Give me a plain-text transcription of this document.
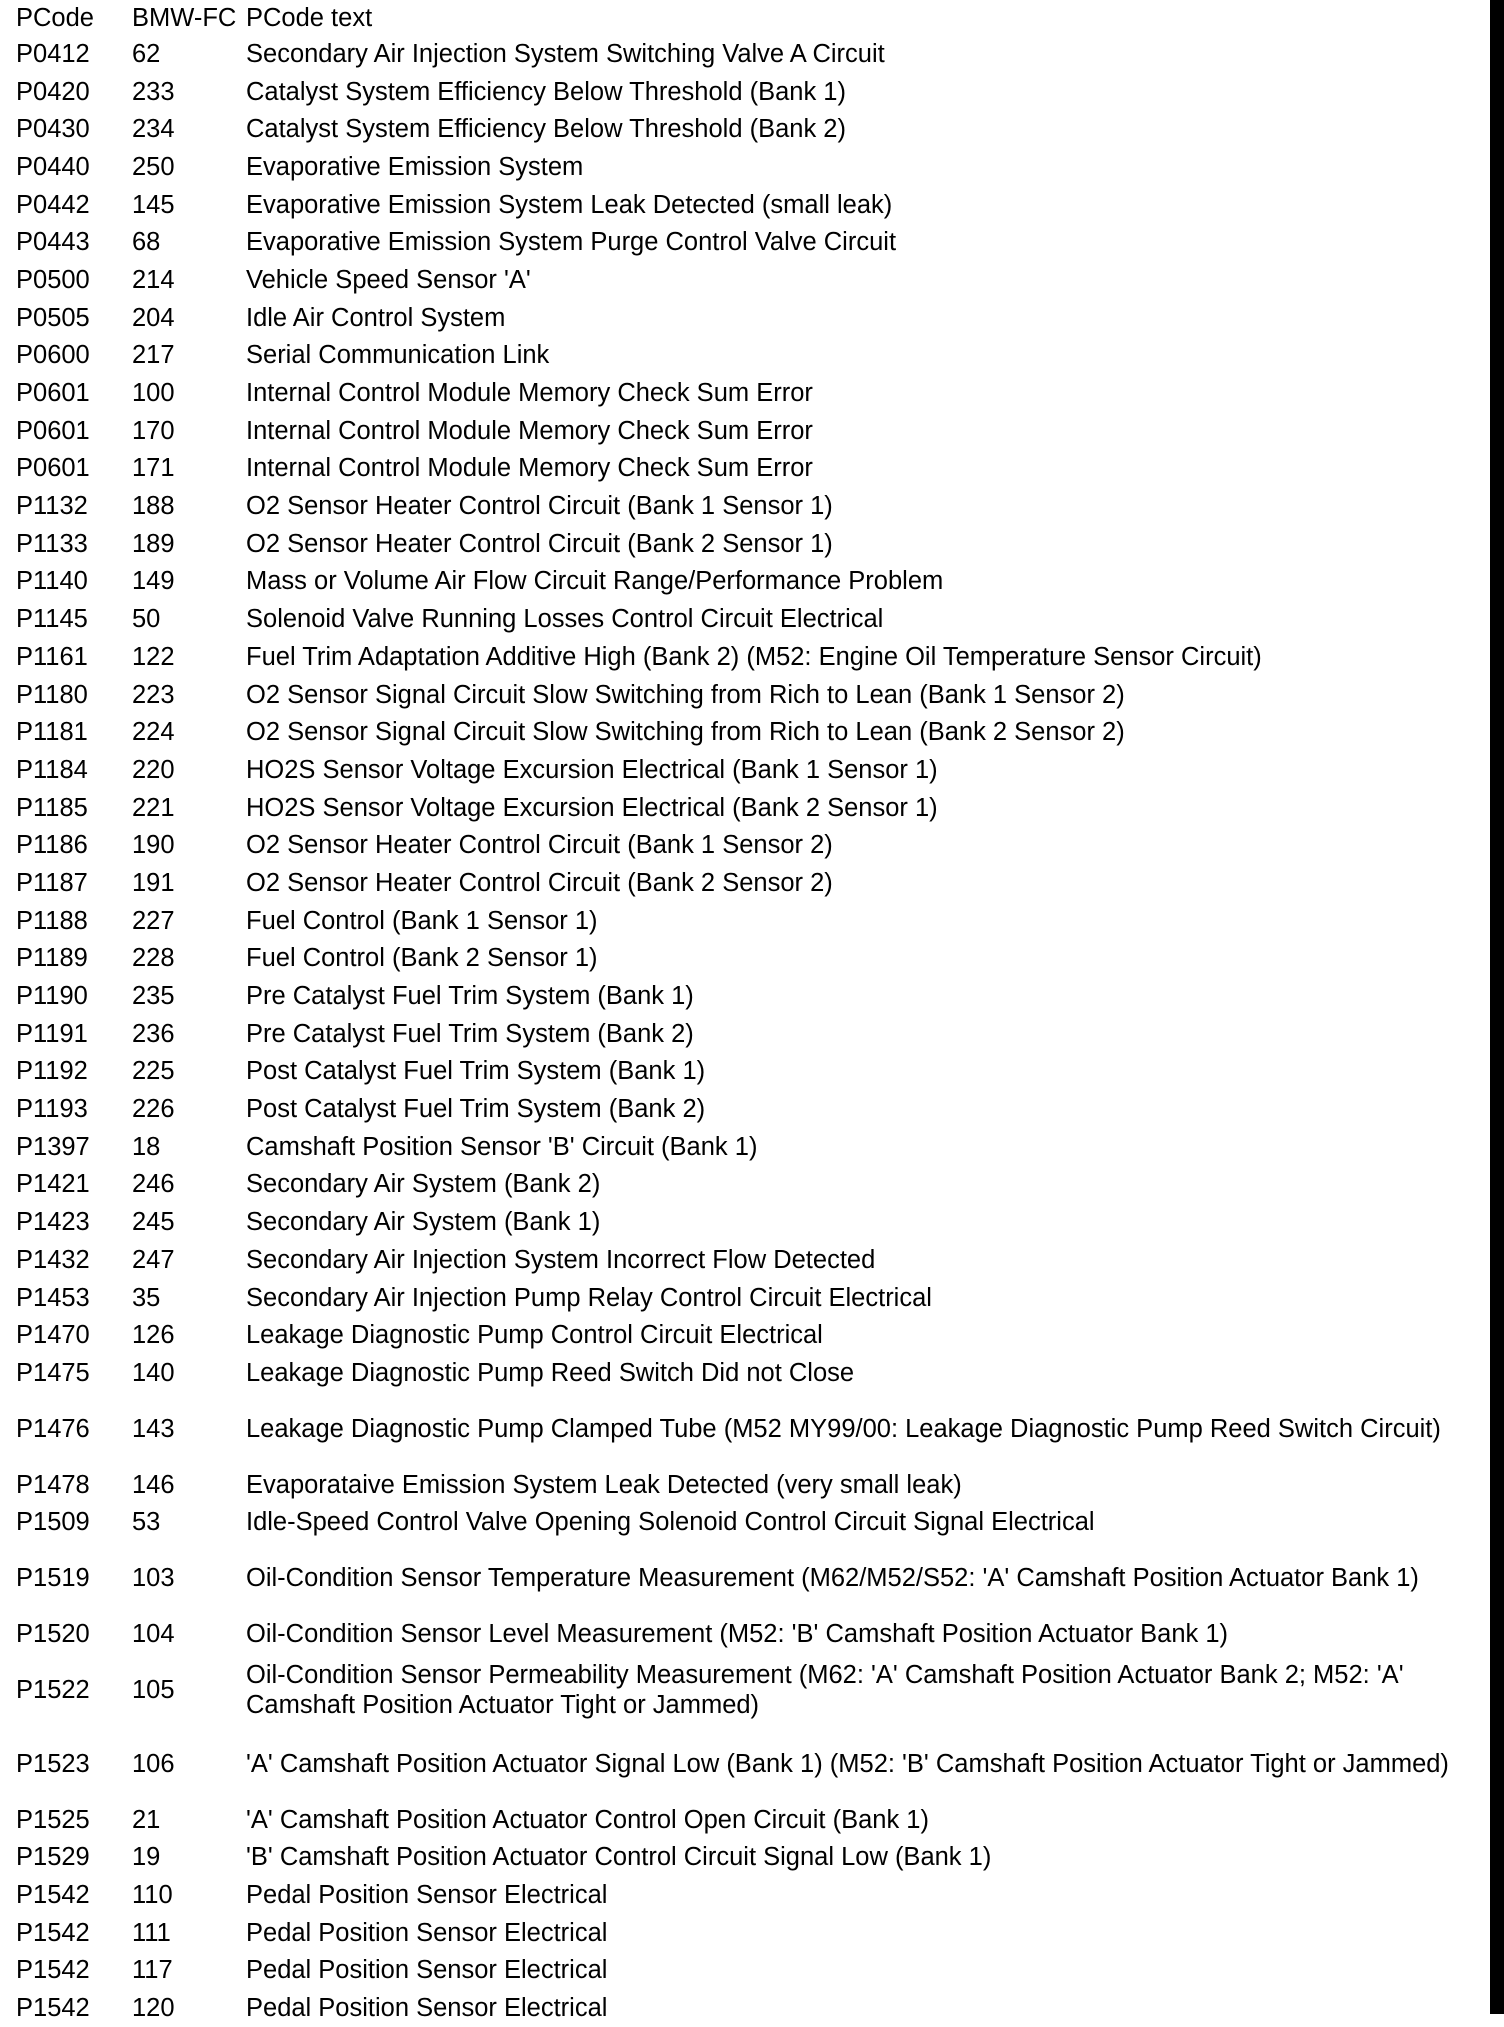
PCode	BMW-FC	PCode text
P0412	62	Secondary Air Injection System Switching Valve A Circuit
P0420	233	Catalyst System Efficiency Below Threshold (Bank 1)
P0430	234	Catalyst System Efficiency Below Threshold (Bank 2)
P0440	250	Evaporative Emission System
P0442	145	Evaporative Emission System Leak Detected (small leak)
P0443	68	Evaporative Emission System Purge Control Valve Circuit
P0500	214	Vehicle Speed Sensor 'A'
P0505	204	Idle Air Control System
P0600	217	Serial Communication Link
P0601	100	Internal Control Module Memory Check Sum Error
P0601	170	Internal Control Module Memory Check Sum Error
P0601	171	Internal Control Module Memory Check Sum Error
P1132	188	O2 Sensor Heater Control Circuit (Bank 1 Sensor 1)
P1133	189	O2 Sensor Heater Control Circuit (Bank 2 Sensor 1)
P1140	149	Mass or Volume Air Flow Circuit Range/Performance Problem
P1145	50	Solenoid Valve Running Losses Control Circuit Electrical
P1161	122	Fuel Trim Adaptation Additive High (Bank 2) (M52: Engine Oil Temperature Sensor Circuit)
P1180	223	O2 Sensor Signal Circuit Slow Switching from Rich to Lean (Bank 1 Sensor 2)
P1181	224	O2 Sensor Signal Circuit Slow Switching from Rich to Lean (Bank 2 Sensor 2)
P1184	220	HO2S Sensor Voltage Excursion Electrical (Bank 1 Sensor 1)
P1185	221	HO2S Sensor Voltage Excursion Electrical (Bank 2 Sensor 1)
P1186	190	O2 Sensor Heater Control Circuit (Bank 1 Sensor 2)
P1187	191	O2 Sensor Heater Control Circuit (Bank 2 Sensor 2)
P1188	227	Fuel Control (Bank 1 Sensor 1)
P1189	228	Fuel Control (Bank 2 Sensor 1)
P1190	235	Pre Catalyst Fuel Trim System (Bank 1)
P1191	236	Pre Catalyst Fuel Trim System (Bank 2)
P1192	225	Post Catalyst Fuel Trim System (Bank 1)
P1193	226	Post Catalyst Fuel Trim System (Bank 2)
P1397	18	Camshaft Position Sensor 'B' Circuit (Bank 1)
P1421	246	Secondary Air System (Bank 2)
P1423	245	Secondary Air System (Bank 1)
P1432	247	Secondary Air Injection System Incorrect Flow Detected
P1453	35	Secondary Air Injection Pump Relay Control Circuit Electrical
P1470	126	Leakage Diagnostic Pump Control Circuit Electrical
P1475	140	Leakage Diagnostic Pump Reed Switch Did not Close
P1476	143	Leakage Diagnostic Pump Clamped Tube (M52 MY99/00: Leakage Diagnostic Pump Reed Switch Circuit)
P1478	146	Evaporataive Emission System Leak Detected (very small leak)
P1509	53	Idle-Speed Control Valve Opening Solenoid Control Circuit Signal Electrical
P1519	103	Oil-Condition Sensor Temperature Measurement (M62/M52/S52: 'A' Camshaft Position Actuator Bank 1)
P1520	104	Oil-Condition Sensor Level Measurement (M52: 'B' Camshaft Position Actuator Bank 1)
P1522	105	Oil-Condition Sensor Permeability Measurement (M62: 'A' Camshaft Position Actuator Bank 2; M52: 'A' Camshaft Position Actuator Tight or Jammed)
P1523	106	'A' Camshaft Position Actuator Signal Low (Bank 1) (M52: 'B' Camshaft Position Actuator Tight or Jammed)
P1525	21	'A' Camshaft Position Actuator Control Open Circuit (Bank 1)
P1529	19	'B' Camshaft Position Actuator Control Circuit Signal Low (Bank 1)
P1542	110	Pedal Position Sensor Electrical
P1542	111	Pedal Position Sensor Electrical
P1542	117	Pedal Position Sensor Electrical
P1542	120	Pedal Position Sensor Electrical
